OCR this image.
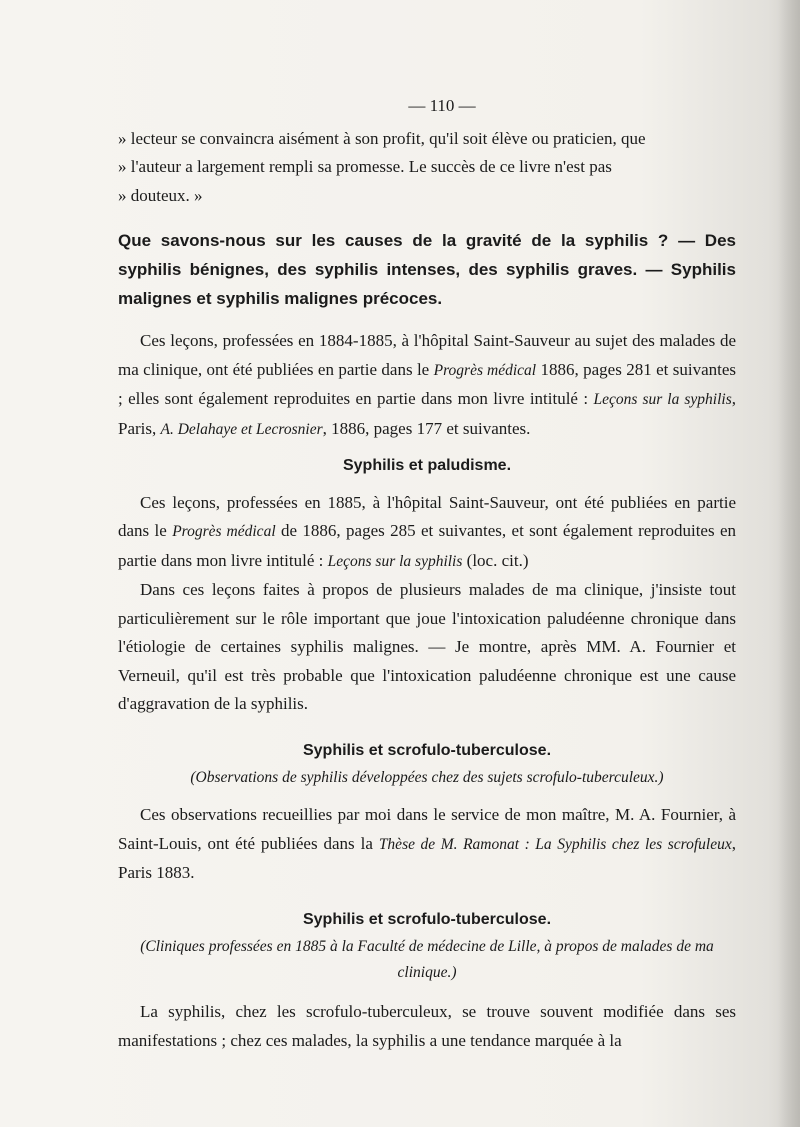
— 110 —

» lecteur se convaincra aisément à son profit, qu'il soit élève ou praticien, que

» l'auteur a largement rempli sa promesse. Le succès de ce livre n'est pas

» douteux. »

Que savons-nous sur les causes de la gravité de la syphilis ? — Des syphilis bénignes, des syphilis intenses, des syphilis graves. — Syphilis malignes et syphilis malignes précoces.

Ces leçons, professées en 1884-1885, à l'hôpital Saint-Sauveur au sujet des malades de ma clinique, ont été publiées en partie dans le Progrès médical 1886, pages 281 et suivantes ; elles sont également reproduites en partie dans mon livre intitulé : Leçons sur la syphilis, Paris, A. Delahaye et Lecrosnier, 1886, pages 177 et suivantes.

Syphilis et paludisme.

Ces leçons, professées en 1885, à l'hôpital Saint-Sauveur, ont été publiées en partie dans le Progrès médical de 1886, pages 285 et suivantes, et sont également reproduites en partie dans mon livre intitulé : Leçons sur la syphilis (loc. cit.)

Dans ces leçons faites à propos de plusieurs malades de ma clinique, j'insiste tout particulièrement sur le rôle important que joue l'intoxication paludéenne chronique dans l'étiologie de certaines syphilis malignes. — Je montre, après MM. A. Fournier et Verneuil, qu'il est très probable que l'intoxication paludéenne chronique est une cause d'aggravation de la syphilis.

Syphilis et scrofulo-tuberculose.
(Observations de syphilis développées chez des sujets scrofulo-tuberculeux.)

Ces observations recueillies par moi dans le service de mon maître, M. A. Fournier, à Saint-Louis, ont été publiées dans la Thèse de M. Ramonat : La Syphilis chez les scrofuleux, Paris 1883.

Syphilis et scrofulo-tuberculose.
(Cliniques professées en 1885 à la Faculté de médecine de Lille, à propos de malades de ma clinique.)

La syphilis, chez les scrofulo-tuberculeux, se trouve souvent modifiée dans ses manifestations ; chez ces malades, la syphilis a une tendance marquée à la
